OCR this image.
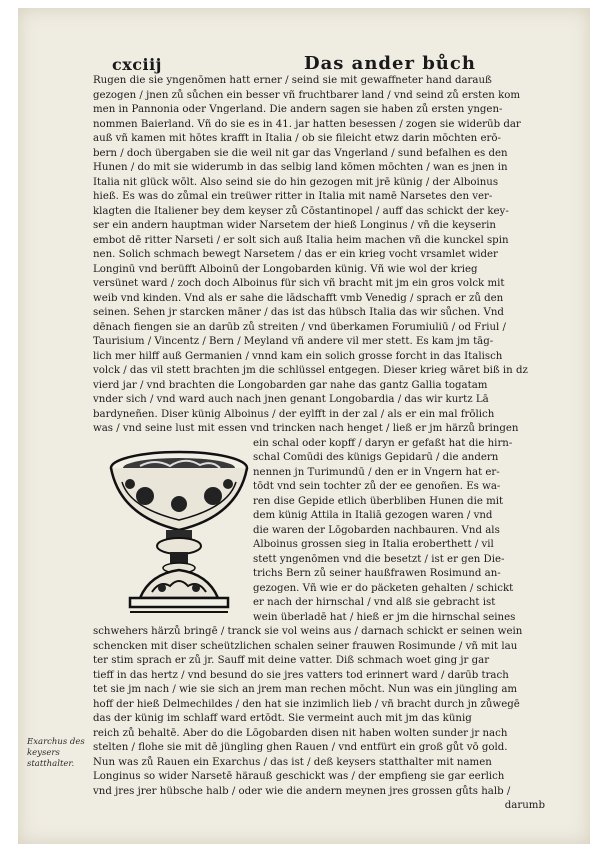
cxciij	Das ander bůch
Rugen die sie yngenōmen hatt erner / seind sie mit gewaffneter hand darauß
gezogen / jnen zů sůchen ein besser vñ fruchtbarer land / vnd seind zů ersten kom
men in Pannonia oder Vngerland. Die andern sagen sie haben zů ersten yngen-
nommen Baierland. Vñ do sie es in 41. jar hatten besessen / zogen sie widerūb dar
auß vñ kamen mit hōtes krafft in Italia / ob sie fileicht etwz darin mōchten erō-
bern / doch übergaben sie die weil nit gar das Vngerland / sund befalhen es den
Hunen / do mit sie widerumb in das selbig land kōmen mōchten / wan es jnen in
Italia nit glück wōlt. Also seind sie do hin gezogen mit jrē künig / der Alboinus
hieß. Es was do zůmal ein treüwer ritter in Italia mit namē Narsetes den ver-
klagten die Italiener bey dem keyser zů Cōstantinopel / auff das schickt der key-
ser ein andern hauptman wider Narsetem der hieß Longinus / vñ die keyserin
embot dē ritter Narseti / er solt sich auß Italia heim machen vñ die kunckel spin
nen. Solich schmach bewegt Narsetem / das er ein krieg vocht vrsamlet wider
Longinū vnd berüfft Alboinū der Longobarden künig. Vñ wie wol der krieg
versünet ward / zoch doch Alboinus für sich vñ bracht mit jm ein gros volck mit
weib vnd kinden. Vnd als er sahe die lādschafft vmb Venedig / sprach er zů den
seinen. Sehen jr starcken māner / das ist das hübsch Italia das wir sůchen. Vnd
dēnach fiengen sie an darūb zů streiten / vnd überkamen Forumiuliū / od Friul /
Taurisium / Vincentz / Bern / Meyland vñ andere vil mer stett. Es kam jm tāg-
lich mer hilff auß Germanien / vnnd kam ein solich grosse forcht in das Italisch
volck / das vil stett brachten jm die schlüssel entgegen. Dieser krieg wāret biß in dz
vierd jar / vnd brachten die Longobarden gar nahe das gantz Gallia togatam
vnder sich / vnd ward auch nach jnen genant Longobardia / das wir kurtz Lā
bardyneñen. Diser künig Alboinus / der eylfft in der zal / als er ein mal frōlich
was / vnd seine lust mit essen vnd trincken nach henget / ließ er jm härzů bringen
ein schal oder kopff / daryn er gefaßt hat die hirn-
schal Comūdi des künigs Gepidarū / die andern
nennen jn Turimundū / den er in Vngern hat er-
tōdt vnd sein tochter zů der ee genoñen. Es wa-
ren dise Gepide etlich überbliben Hunen die mit
dem künig Attila in Italiā gezogen waren / vnd
die waren der Lōgobarden nachbauren. Vnd als
Alboinus grossen sieg in Italia eroberthett / vil
stett yngenōmen vnd die besetzt / ist er gen Die-
trichs Bern zů seiner haußfrawen Rosimund an-
gezogen. Vñ wie er do päcketen gehalten / schickt
er nach der hirnschal / vnd alß sie gebracht ist
wein überladē hat / hieß er jm die hirnschal seines
schwehers härzů bringē / tranck sie vol weins aus / darnach schickt er seinen wein
schencken mit diser scheützlichen schalen seiner frauwen Rosimunde / vñ mit lau
ter stim sprach er zů jr. Sauff mit deine vatter. Diß schmach woet ging jr gar
tieff in das hertz / vnd besund do sie jres vatters tod erinnert ward / darūb trach
tet sie jm nach / wie sie sich an jrem man rechen mōcht. Nun was ein jüngling am
hoff der hieß Delmechildes / den hat sie inzimlich lieb / vñ bracht durch jn zůwegē
das der künig im schlaff ward ertōdt. Sie vermeint auch mit jm das künig
reich zů behaltē. Aber do die Lōgobarden disen nit haben wolten sunder jr nach
stelten / flohe sie mit dē jüngling ghen Rauen / vnd entfürt ein groß gůt vō gold.
Nun was zů Rauen ein Exarchus / das ist / deß keysers statthalter mit namen
Longinus so wider Narsetē härauß geschickt was / der empfieng sie gar eerlich
vnd jres jrer hübsche halb / oder wie die andern meynen jres grossen gůts halb /
darumb
Exarchus des keysers statthalter.
